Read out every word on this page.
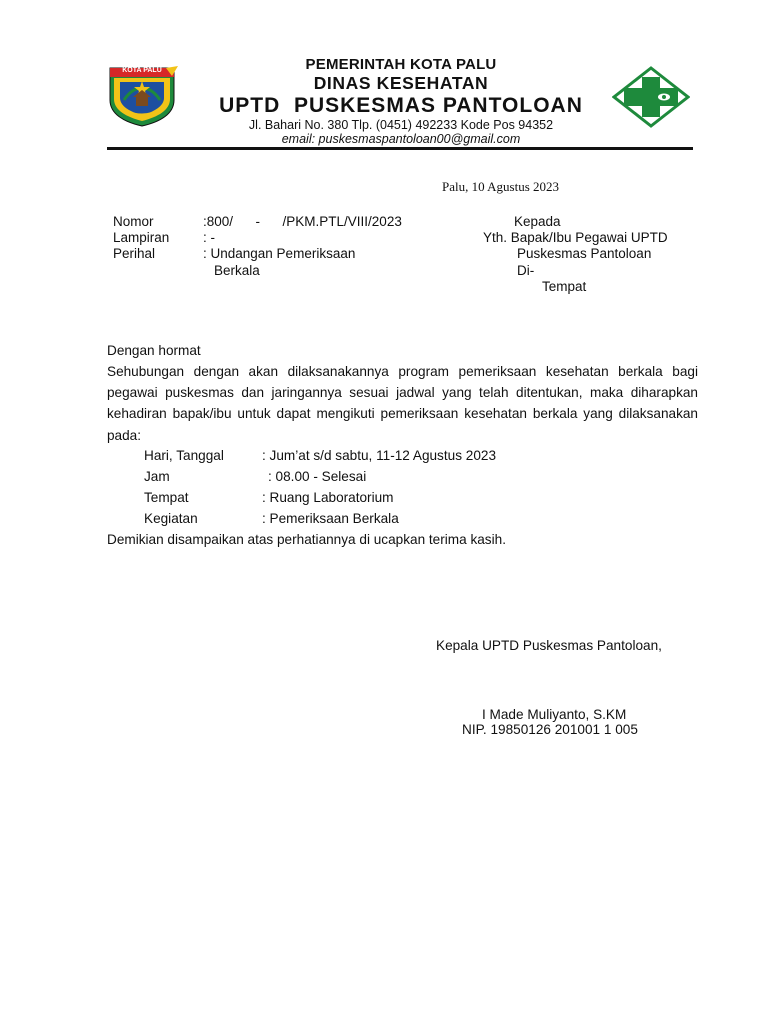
KOTA PALU	PEMERINTAH KOTA PALU
DINAS KESEHATAN
UPTD  PUSKESMAS PANTOLOAN
Jl. Bahari No. 380 Tlp. (0451) 492233 Kode Pos 94352
email: puskesmaspantoloan00@gmail.com
Palu, 10 Agustus 2023
Nomor	:800/      -      /PKM.PTL/VIII/2023
Lampiran : -
Perihal	: Undangan Pemeriksaan
Berkala
Kepada
Yth. Bapak/Ibu Pegawai UPTD
Puskesmas Pantoloan
Di-
Tempat
Dengan hormat
Sehubungan dengan akan dilaksanakannya program pemeriksaan kesehatan berkala bagi pegawai puskesmas dan jaringannya sesuai jadwal yang telah ditentukan, maka diharapkan kehadiran bapak/ibu untuk dapat mengikuti pemeriksaan kesehatan berkala yang dilaksanakan pada:
Hari, Tanggal	: Jum’at s/d sabtu, 11-12 Agustus 2023
Jam	: 08.00 - Selesai
Tempat	: Ruang Laboratorium
Kegiatan	: Pemeriksaan Berkala
Demikian disampaikan atas perhatiannya di ucapkan terima kasih.
Kepala UPTD Puskesmas Pantoloan,
I Made Muliyanto, S.KM
NIP. 19850126 201001 1 005
